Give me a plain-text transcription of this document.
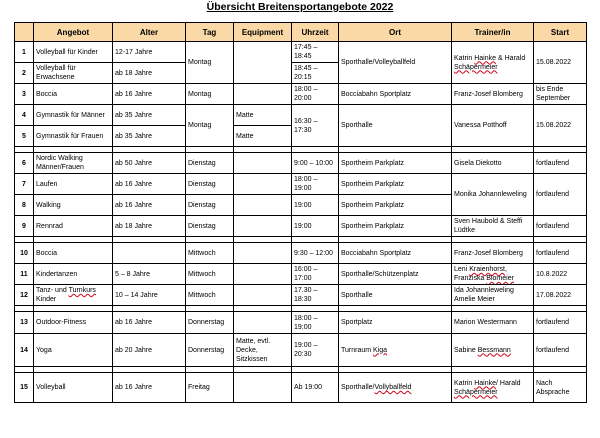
Übersicht Breitensportangebote 2022
	Angebot	Alter	Tag	Equipment	Uhrzeit	Ort	Trainer/in	Start
1	Volleyball für Kinder	12-17 Jahre	Montag		17:45 – 18:45	Sporthalle/Volleyballfeld	Katrin Hainke & Harald Schäpermeier	15.08.2022
2	Volleyball für Erwachsene	ab 18 Jahre			18:45 – 20:15			
3	Boccia	ab 16 Jahre	Montag		18:00 – 20:00	Bocciabahn Sportplatz	Franz-Josef Blomberg	bis Ende September
4	Gymnastik für Männer	ab 35 Jahre	Montag	Matte	16:30 – 17:30	Sporthalle	Vanessa Potthoff	15.08.2022
5	Gymnastik für Frauen	ab 35 Jahre		Matte				

6	Nordic Walking Männer/Frauen	ab 50 Jahre	Dienstag		9:00 – 10:00	Sportheim Parkplatz	Gisela Diekotto	fortlaufend
7	Laufen	ab 16 Jahre	Dienstag		18:00 – 19:00	Sportheim Parkplatz	Monika Johannleweling	fortlaufend
8	Walking	ab 16 Jahre	Dienstag		19:00	Sportheim Parkplatz		
9	Rennrad	ab 18 Jahre	Dienstag		19:00	Sportheim Parkplatz	Sven Haubold & Steffi Lüdtke	fortlaufend

10	Boccia		Mittwoch		9:30 – 12:00	Bocciabahn Sportplatz	Franz-Josef Blomberg	fortlaufend
11	Kindertanzen	5 – 8 Jahre	Mittwoch		16:00 – 17:00	Sporthalle/Schützenplatz	Leni Kraienhorst, Franziska Blomeier	10.8.2022
12	Tanz- und Turnkurs Kinder	10 – 14 Jahre	Mittwoch		17.30 – 18:30	Sporthalle	Ida Johannleweling Amelie Meier	17.08.2022

13	Outdoor-Fitness	ab 16 Jahre	Donnerstag		18:00 – 19:00	Sportplatz	Marion Westermann	fortlaufend
14	Yoga	ab 20 Jahre	Donnerstag	Matte, evtl. Decke, Sitzkissen	19:00 – 20:30	Turnraum Kiga	Sabine Bessmann	fortlaufend

15	Volleyball	ab 16 Jahre	Freitag		Ab 19:00	Sporthalle/Vollyballfeld	Katrin Hainke/ Harald Schäpermeier	Nach Absprache
